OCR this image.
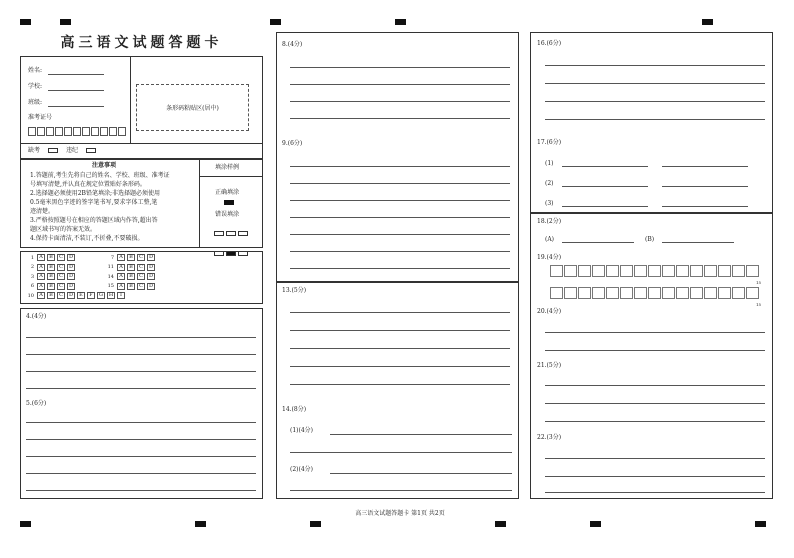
高三语文试题答题卡
姓名:
学校:
班级:
准考证号
条形码粘贴区(居中)
缺考	违纪
注意事项
1.答题前,考生先将自己的姓名、学校、班级、准考证
号填写清楚,并认真在规定位置贴好条形码。
2.选择题必须使用2B铅笔填涂;非选择题必须使用
0.5毫米黑色字迹的签字笔书写,要求字体工整,笔
迹清楚。
3.严格按照题号在相应的答题区域内作答,超出答
题区域书写的答案无效。
4.保持卡面清洁,不装订,不折叠,不要破损。
填涂样例
正确填涂
错误填涂

1	A	B	C	D
2	A	B	C	D
3	A	B	C	D
6	A	B	C	D
10	A	B	C	D	E	F	G	H	I
7	A	B	C	D
11	A	B	C	D
14	A	B	C	D
15	A	B	C	D
4.(4分)
5.(6分)
8.(4分)
9.(6分)
13.(5分)
14.(8分)
(1)(4分)
(2)(4分)
16.(6分)
17.(6分)
(1)
(2)
(3)
18.(2分)
(A)	(B)
19.(4分)
15
15
20.(4分)
21.(5分)
22.(3分)
高三语文试题答题卡 第1页 共2页
